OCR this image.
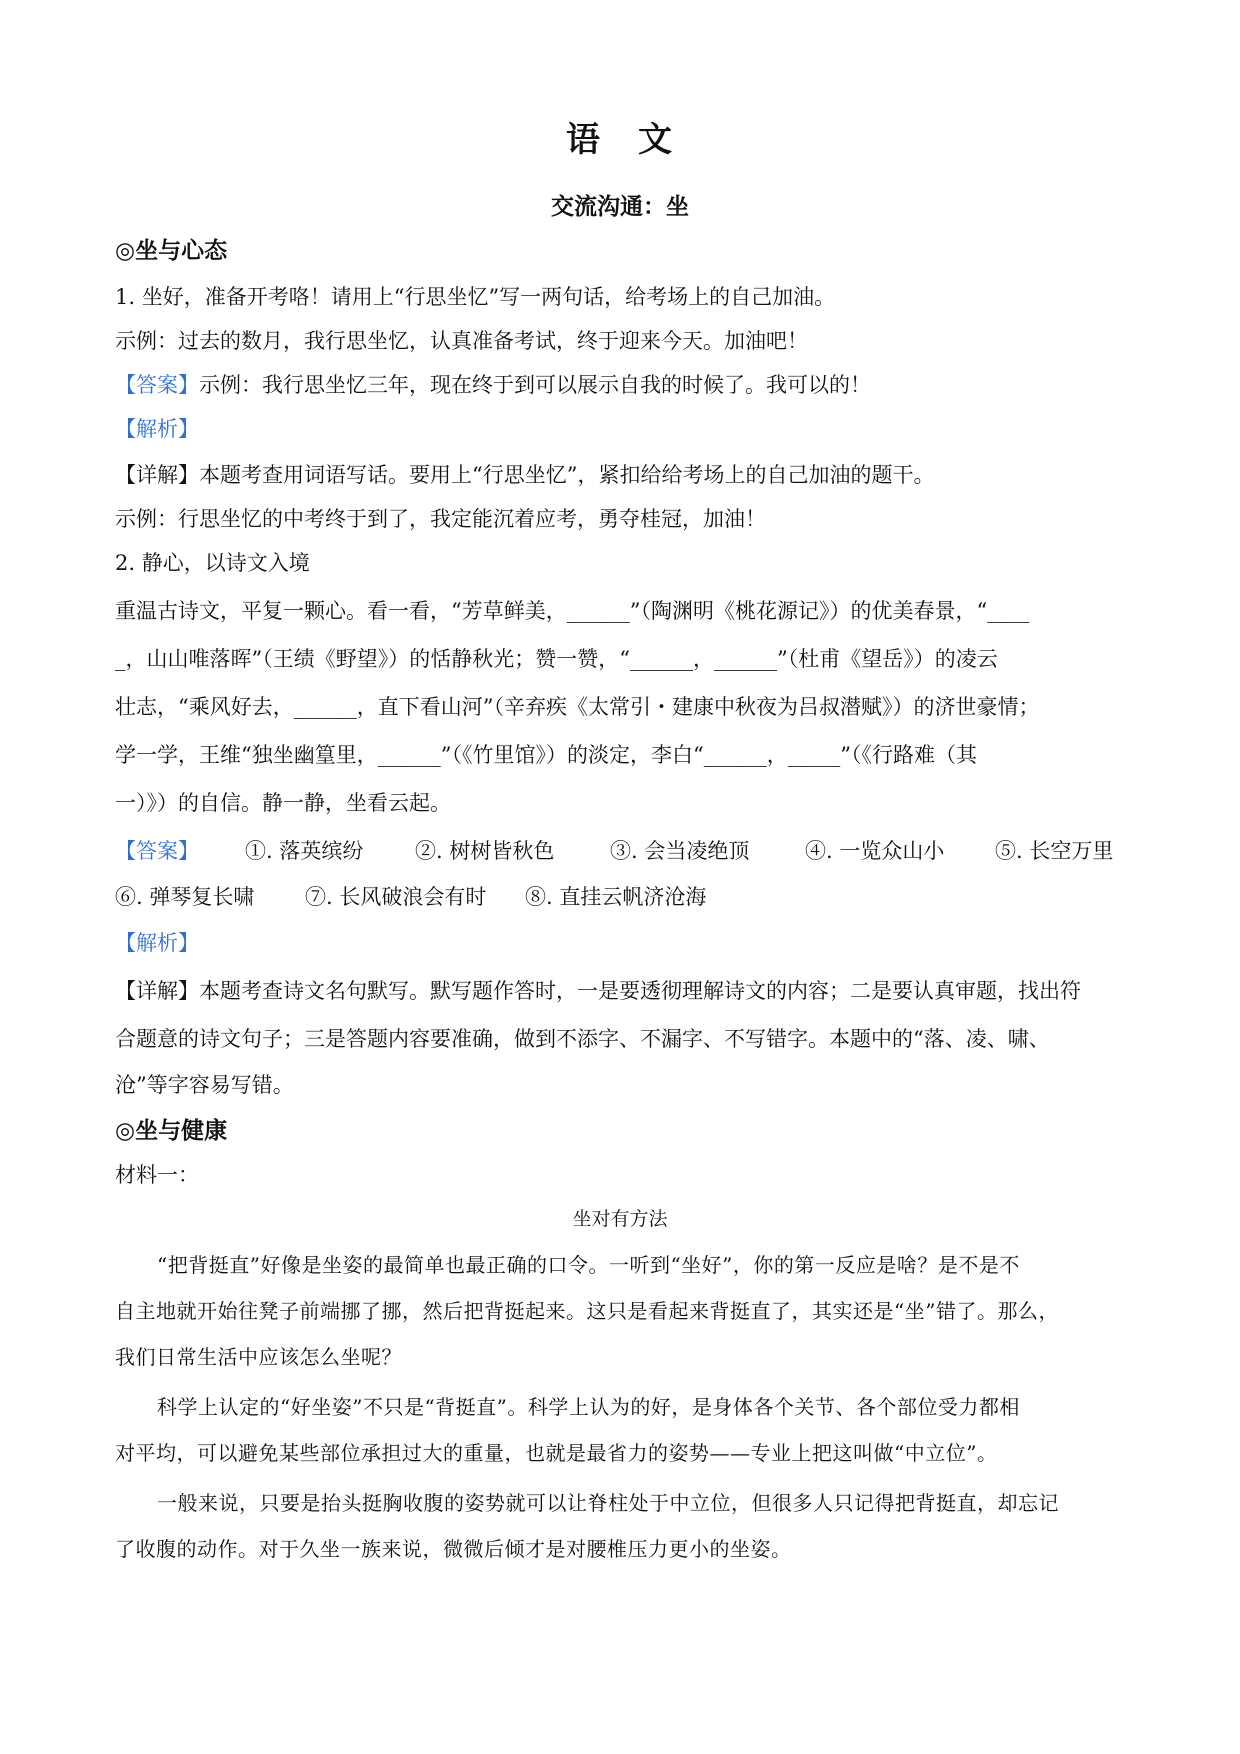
语　文
交流沟通：坐
◎坐与心态
1. 坐好，准备开考咯！请用上“行思坐忆”写一两句话，给考场上的自己加油。
示例：过去的数月，我行思坐忆，认真准备考试，终于迎来今天。加油吧！
【答案】示例：我行思坐忆三年，现在终于到可以展示自我的时候了。我可以的！
【解析】
【详解】本题考查用词语写话。要用上“行思坐忆”，紧扣给给考场上的自己加油的题干。
示例：行思坐忆的中考终于到了，我定能沉着应考，勇夺桂冠，加油！
2. 静心，以诗文入境
重温古诗文，平复一颗心。看一看，“芳草鲜美，______”（陶渊明《桃花源记》）的优美春景，“____
_，山山唯落晖”（王绩《野望》）的恬静秋光；赞一赞，“______，______”（杜甫《望岳》）的凌云
壮志，“乘风好去，______，直下看山河”（辛弃疾《太常引・建康中秋夜为吕叔潜赋》）的济世豪情；
学一学，王维“独坐幽篁里，______”（《竹里馆》）的淡定，李白“______，_____”（《行路难（其
一）》）的自信。静一静，坐看云起。
【答案】 ①. 落英缤纷 ②. 树树皆秋色	③. 会当凌绝顶	④. 一览众山小 ⑤. 长空万里
⑥. 弹琴复长啸 ⑦. 长风破浪会有时 ⑧. 直挂云帆济沧海
【解析】
【详解】本题考查诗文名句默写。默写题作答时，一是要透彻理解诗文的内容；二是要认真审题，找出符
合题意的诗文句子；三是答题内容要准确，做到不添字、不漏字、不写错字。本题中的“落、凌、啸、
沧”等字容易写错。
◎坐与健康
材料一：
坐对有方法
“把背挺直”好像是坐姿的最简单也最正确的口令。一听到“坐好”，你的第一反应是啥？是不是不
自主地就开始往凳子前端挪了挪，然后把背挺起来。这只是看起来背挺直了，其实还是“坐”错了。那么，
我们日常生活中应该怎么坐呢？
科学上认定的“好坐姿”不只是“背挺直”。科学上认为的好，是身体各个关节、各个部位受力都相
对平均，可以避免某些部位承担过大的重量，也就是最省力的姿势——专业上把这叫做“中立位”。
一般来说，只要是抬头挺胸收腹的姿势就可以让脊柱处于中立位，但很多人只记得把背挺直，却忘记
了收腹的动作。对于久坐一族来说，微微后倾才是对腰椎压力更小的坐姿。
